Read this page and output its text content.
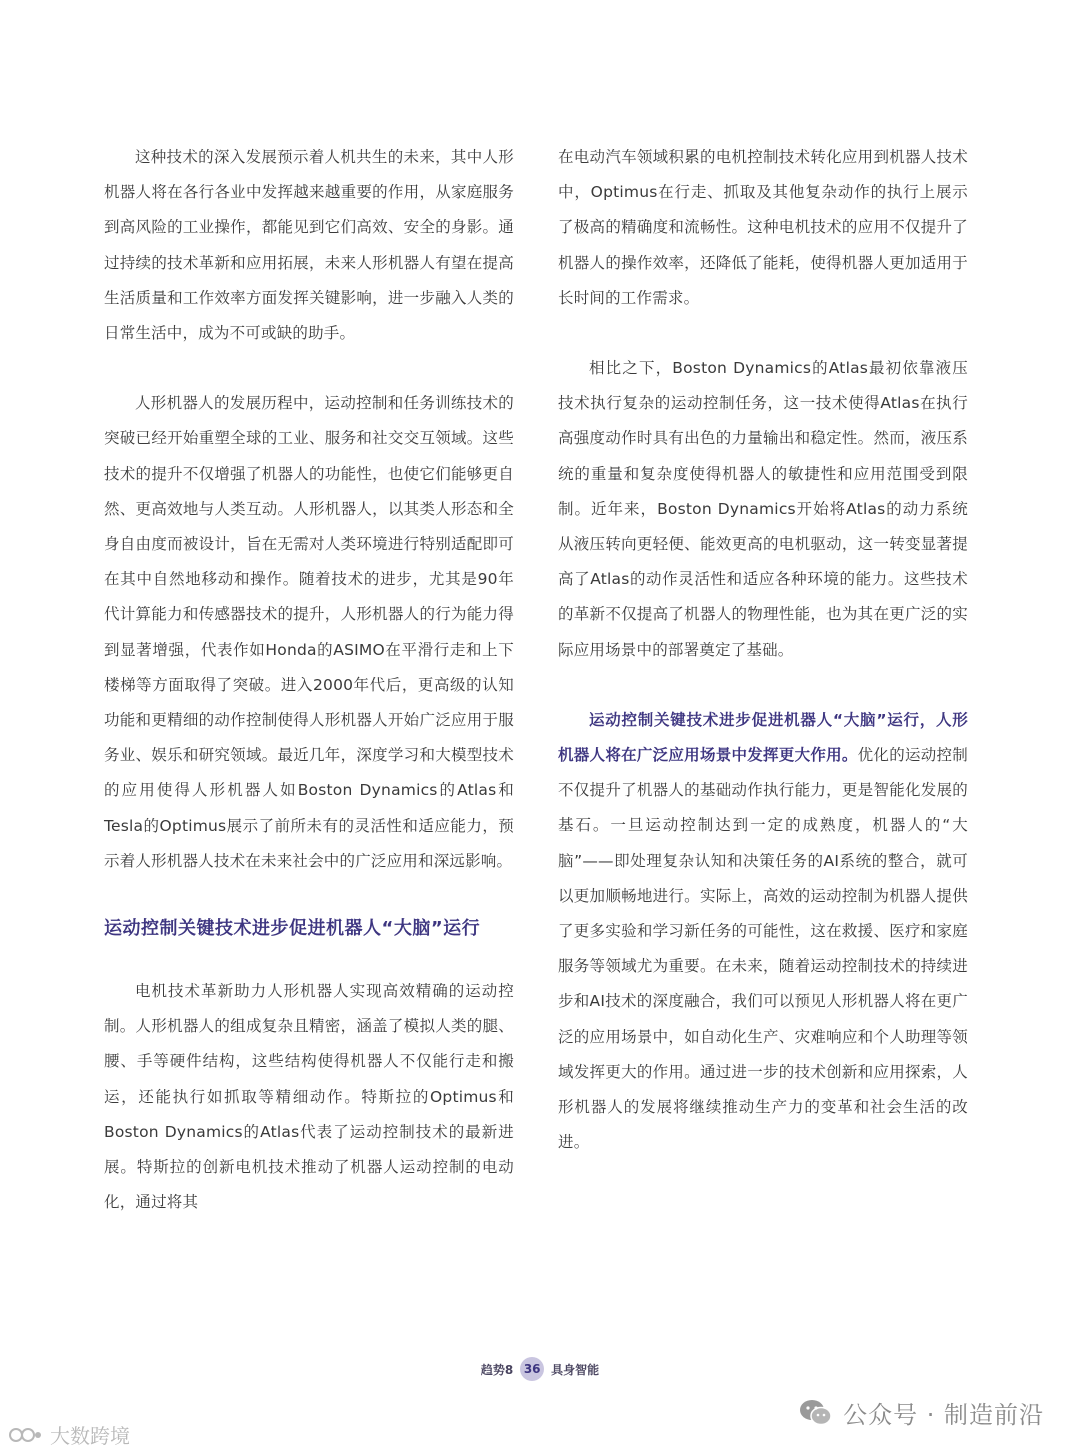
这种技术的深入发展预示着人机共生的未来，其中人形机器人将在各行各业中发挥越来越重要的作用，从家庭服务到高风险的工业操作，都能见到它们高效、安全的身影。通过持续的技术革新和应用拓展，未来人形机器人有望在提高生活质量和工作效率方面发挥关键影响，进一步融入人类的日常生活中，成为不可或缺的助手。

人形机器人的发展历程中，运动控制和任务训练技术的突破已经开始重塑全球的工业、服务和社交交互领域。这些技术的提升不仅增强了机器人的功能性，也使它们能够更自然、更高效地与人类互动。人形机器人，以其类人形态和全身自由度而被设计，旨在无需对人类环境进行特别适配即可在其中自然地移动和操作。随着技术的进步，尤其是90年代计算能力和传感器技术的提升，人形机器人的行为能力得到显著增强，代表作如Honda的ASIMO在平滑行走和上下楼梯等方面取得了突破。进入2000年代后，更高级的认知功能和更精细的动作控制使得人形机器人开始广泛应用于服务业、娱乐和研究领域。最近几年，深度学习和大模型技术的应用使得人形机器人如Boston Dynamics的Atlas和Tesla的Optimus展示了前所未有的灵活性和适应能力，预示着人形机器人技术在未来社会中的广泛应用和深远影响。

运动控制关键技术进步促进机器人“大脑”运行

电机技术革新助力人形机器人实现高效精确的运动控制。人形机器人的组成复杂且精密，涵盖了模拟人类的腿、腰、手等硬件结构，这些结构使得机器人不仅能行走和搬运，还能执行如抓取等精细动作。特斯拉的Optimus和Boston Dynamics的Atlas代表了运动控制技术的最新进展。特斯拉的创新电机技术推动了机器人运动控制的电动化，通过将其

在电动汽车领域积累的电机控制技术转化应用到机器人技术中，Optimus在行走、抓取及其他复杂动作的执行上展示了极高的精确度和流畅性。这种电机技术的应用不仅提升了机器人的操作效率，还降低了能耗，使得机器人更加适用于长时间的工作需求。

相比之下，Boston Dynamics的Atlas最初依靠液压技术执行复杂的运动控制任务，这一技术使得Atlas在执行高强度动作时具有出色的力量输出和稳定性。然而，液压系统的重量和复杂度使得机器人的敏捷性和应用范围受到限制。近年来，Boston Dynamics开始将Atlas的动力系统从液压转向更轻便、能效更高的电机驱动，这一转变显著提高了Atlas的动作灵活性和适应各种环境的能力。这些技术的革新不仅提高了机器人的物理性能，也为其在更广泛的实际应用场景中的部署奠定了基础。

运动控制关键技术进步促进机器人“大脑”运行，人形机器人将在广泛应用场景中发挥更大作用。优化的运动控制不仅提升了机器人的基础动作执行能力，更是智能化发展的基石。一旦运动控制达到一定的成熟度，机器人的“大脑”——即处理复杂认知和决策任务的AI系统的整合，就可以更加顺畅地进行。实际上，高效的运动控制为机器人提供了更多实验和学习新任务的可能性，这在救援、医疗和家庭服务等领域尤为重要。在未来，随着运动控制技术的持续进步和AI技术的深度融合，我们可以预见人形机器人将在更广泛的应用场景中，如自动化生产、灾难响应和个人助理等领域发挥更大的作用。通过进一步的技术创新和应用探索，人形机器人的发展将继续推动生产力的变革和社会生活的改进。

趋势8 36 具身智能
公众号 · 制造前沿
大数跨境
